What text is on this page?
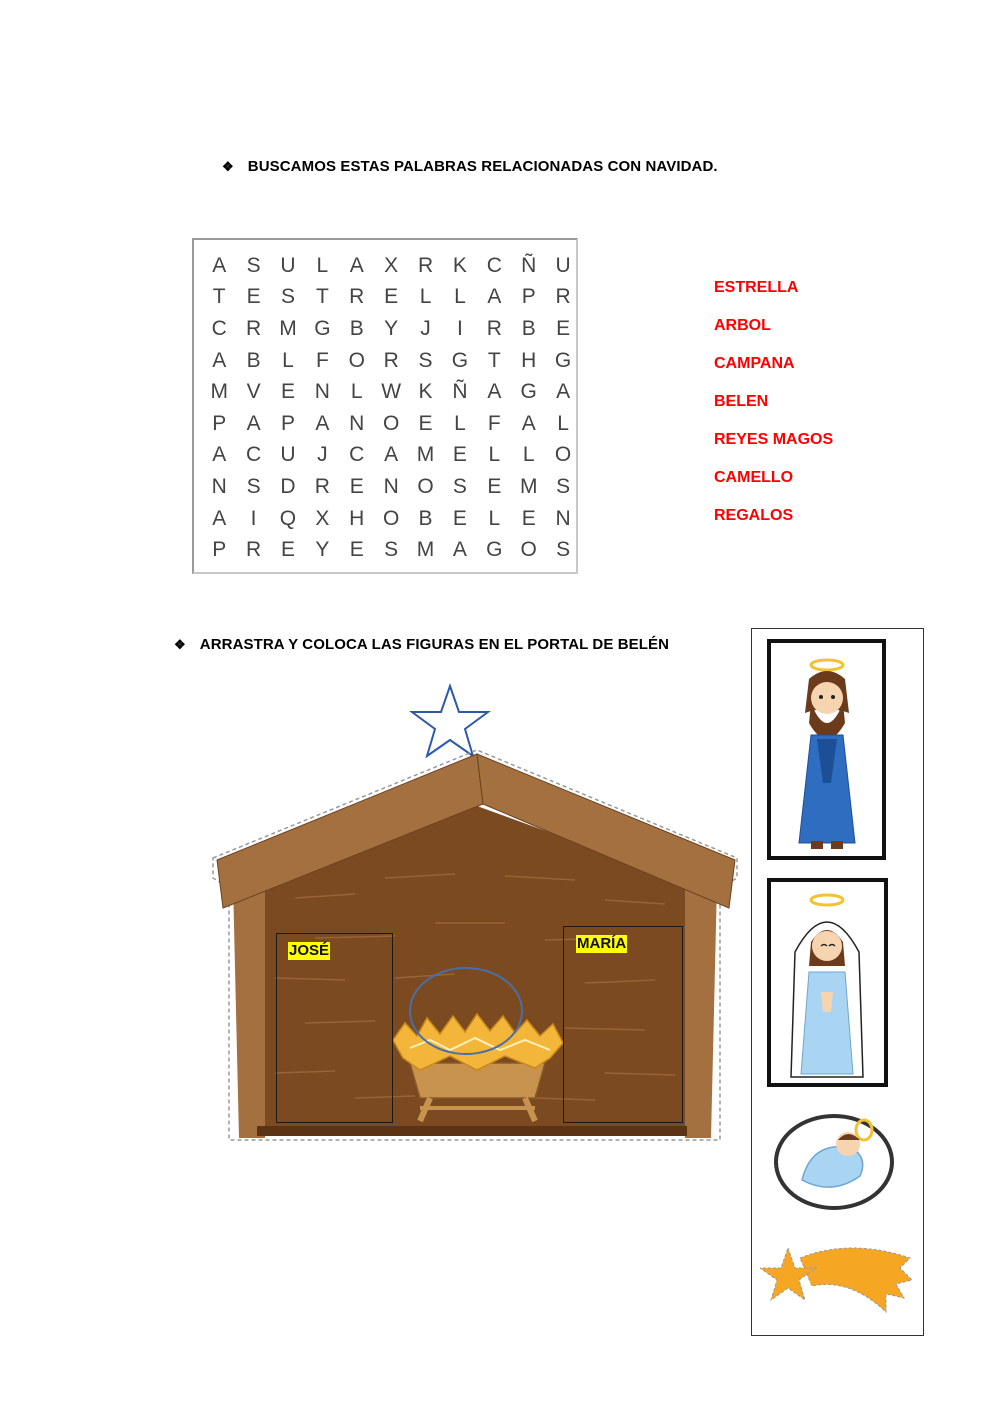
❖ BUSCAMOS ESTAS PALABRAS RELACIONADAS CON NAVIDAD.
A S U L	A X R K C Ñ U
T E S T R E	L	L	A P R
C R M G B Y	J	I	R B E
A B	L	F O R S G T H G
M V E N L W K Ñ A G A
P A P A N O E	L	F A	L
A C U	J	C A M E	L	L O
N S D R E N O S E M S
A	I	Q X H O B E	L	E N
P R E Y E S M A G O S
ESTRELLA
ARBOL
CAMPANA
BELEN
REYES MAGOS
CAMELLO
REGALOS
❖ ARRASTRA Y COLOCA LAS FIGURAS EN EL PORTAL DE BELÉN
JOSÉ	MARÍA
